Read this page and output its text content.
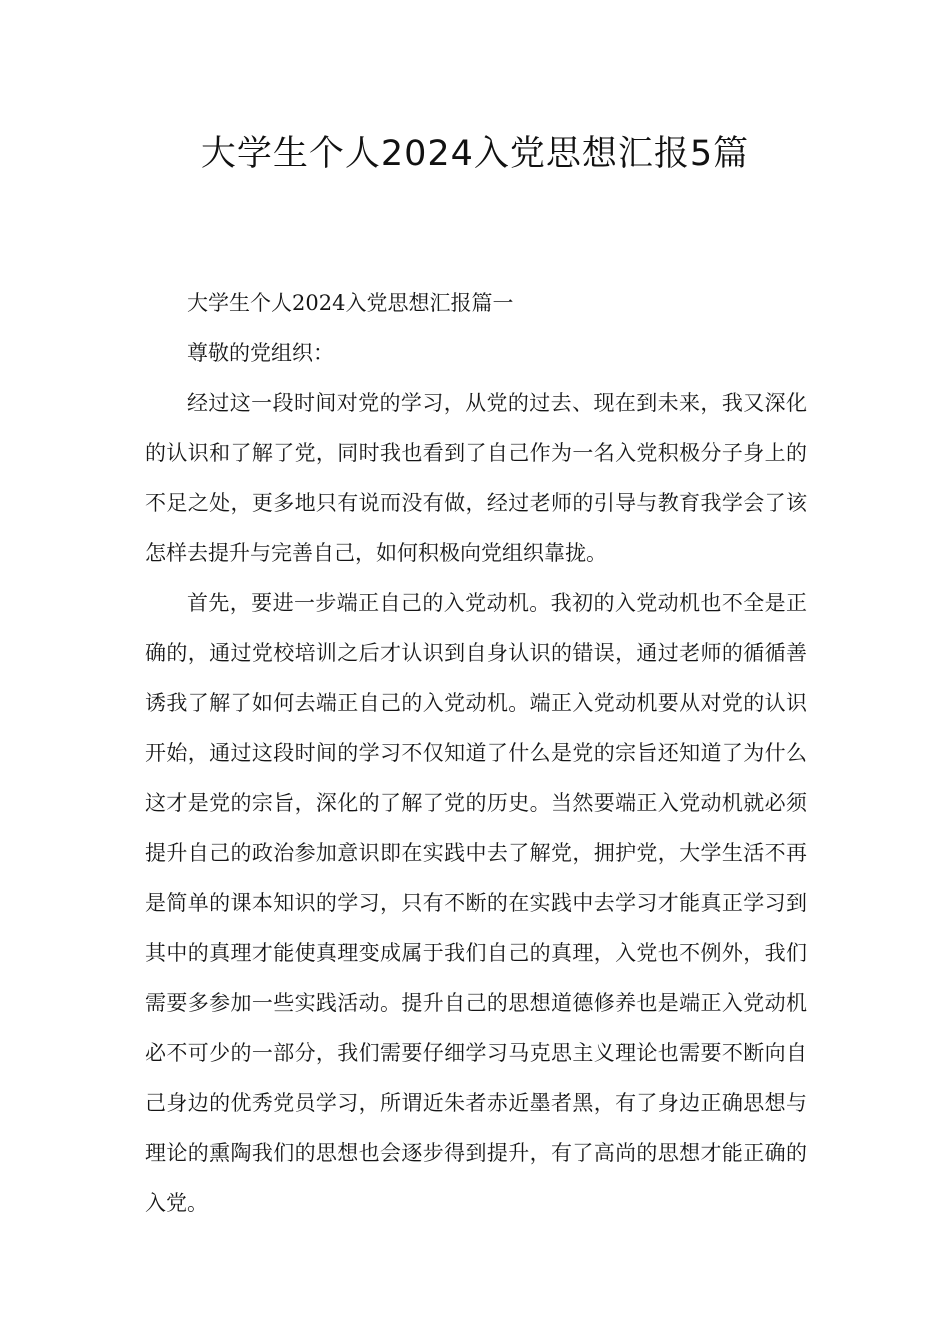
大学生个人2024入党思想汇报5篇

大学生个人2024入党思想汇报篇一

尊敬的党组织：

经过这一段时间对党的学习，从党的过去、现在到未来，我又深化的认识和了解了党，同时我也看到了自己作为一名入党积极分子身上的不足之处，更多地只有说而没有做，经过老师的引导与教育我学会了该怎样去提升与完善自己，如何积极向党组织靠拢。

首先，要进一步端正自己的入党动机。我初的入党动机也不全是正确的，通过党校培训之后才认识到自身认识的错误，通过老师的循循善诱我了解了如何去端正自己的入党动机。端正入党动机要从对党的认识开始，通过这段时间的学习不仅知道了什么是党的宗旨还知道了为什么这才是党的宗旨，深化的了解了党的历史。当然要端正入党动机就必须提升自己的政治参加意识即在实践中去了解党，拥护党，大学生活不再是简单的课本知识的学习，只有不断的在实践中去学习才能真正学习到其中的真理才能使真理变成属于我们自己的真理，入党也不例外，我们需要多参加一些实践活动。提升自己的思想道德修养也是端正入党动机必不可少的一部分，我们需要仔细学习马克思主义理论也需要不断向自己身边的优秀党员学习，所谓近朱者赤近墨者黑，有了身边正确思想与理论的熏陶我们的思想也会逐步得到提升，有了高尚的思想才能正确的入党。
